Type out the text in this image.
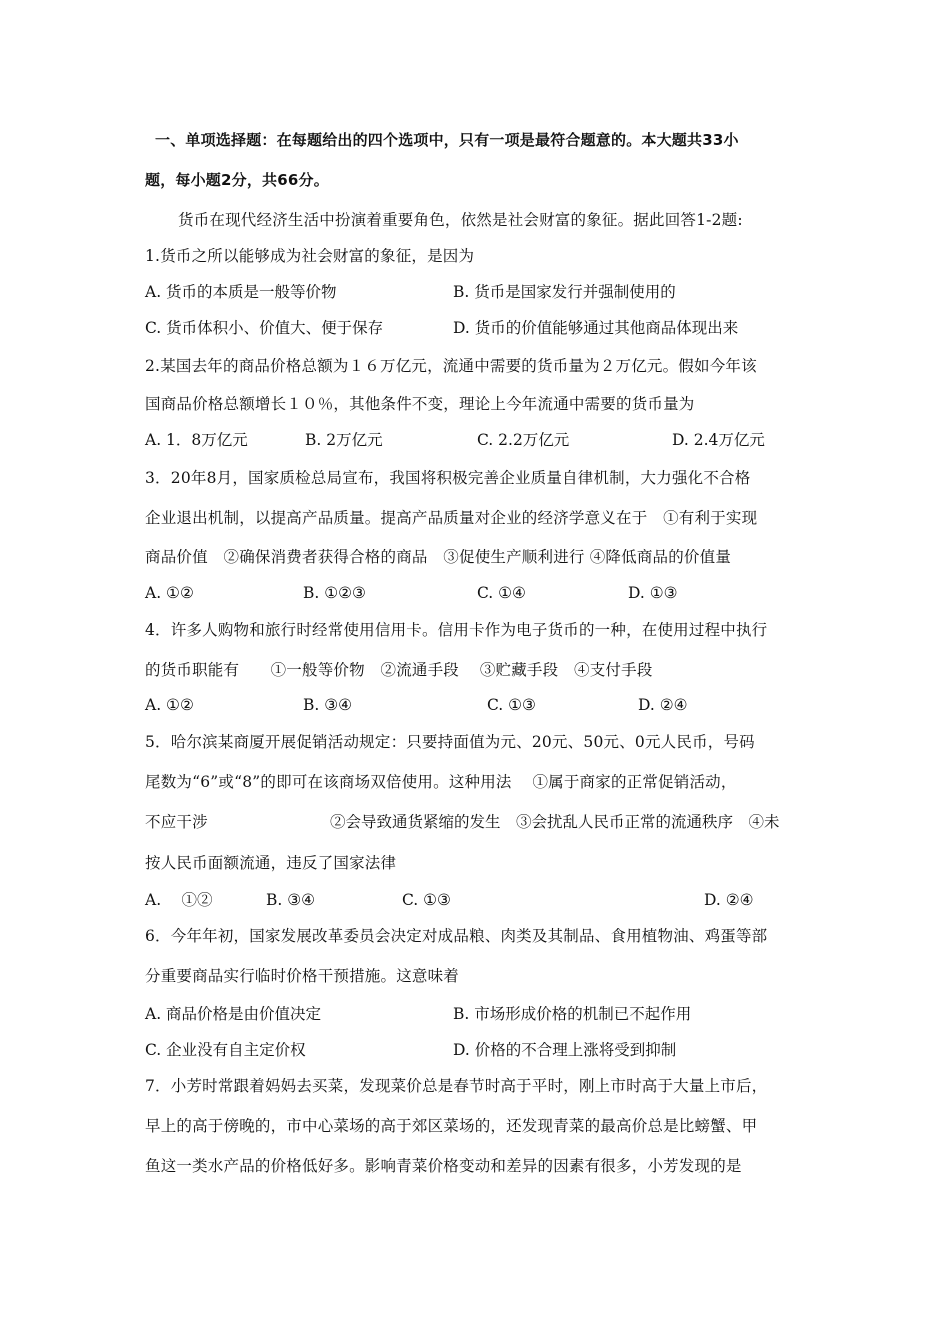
一、单项选择题：在每题给出的四个选项中，只有一项是最符合题意的。本大题共33小
题，每小题2分，共66分。
货币在现代经济生活中扮演着重要角色，依然是社会财富的象征。据此回答1-2题:
1.货币之所以能够成为社会财富的象征，是因为
A. 货币的本质是一般等价物	B. 货币是国家发行并强制使用的
C. 货币体积小、价值大、便于保存	D. 货币的价值能够通过其他商品体现出来
2.某国去年的商品价格总额为１６万亿元，流通中需要的货币量为２万亿元。假如今年该
国商品价格总额增长１０％，其他条件不变，理论上今年流通中需要的货币量为
A. 1．8万亿元	B. 2万亿元	C. 2.2万亿元	D. 2.4万亿元
3．20年8月，国家质检总局宣布，我国将积极完善企业质量自律机制，大力强化不合格
企业退出机制，以提高产品质量。提高产品质量对企业的经济学意义在于　①有利于实现
商品价值　②确保消费者获得合格的商品　③促使生产顺利进行 ④降低商品的价值量
A. ①②	B. ①②③	C. ①④	D. ①③
4．许多人购物和旅行时经常使用信用卡。信用卡作为电子货币的一种，在使用过程中执行
的货币职能有　　①一般等价物　②流通手段　 ③贮藏手段　④支付手段
A. ①②	B. ③④	C. ①③	D. ②④
5．哈尔滨某商厦开展促销活动规定：只要持面值为元、20元、50元、0元人民币，号码
尾数为“6”或“8”的即可在该商场双倍使用。这种用法　 ①属于商家的正常促销活动，
不应干涉	②会导致通货紧缩的发生　③会扰乱人民币正常的流通秩序　④未
按人民币面额流通，违反了国家法律
A.　 ①②	B. ③④	C. ①③	D. ②④
6．今年年初，国家发展改革委员会决定对成品粮、肉类及其制品、食用植物油、鸡蛋等部
分重要商品实行临时价格干预措施。这意味着
A. 商品价格是由价值决定	B. 市场形成价格的机制已不起作用
C. 企业没有自主定价权	D. 价格的不合理上涨将受到抑制
7．小芳时常跟着妈妈去买菜，发现菜价总是春节时高于平时，刚上市时高于大量上市后，
早上的高于傍晚的，市中心菜场的高于郊区菜场的，还发现青菜的最高价总是比螃蟹、甲
鱼这一类水产品的价格低好多。影响青菜价格变动和差异的因素有很多，小芳发现的是
